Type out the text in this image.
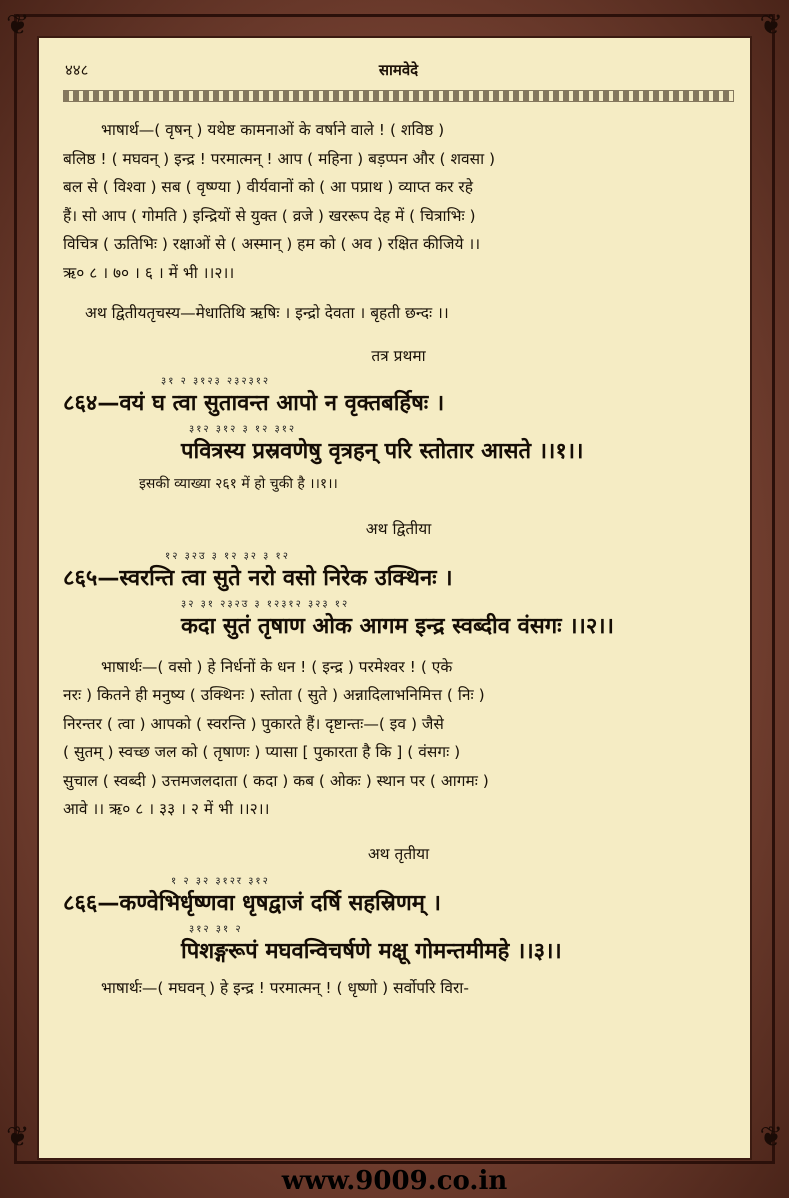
❦	❦
❦	❦
४४८	सामवेदे

भाषार्थ—( वृषन् ) यथेष्ट कामनाओं के वर्षाने वाले ! ( शविष्ठ )

बलिष्ठ ! ( मघवन् ) इन्द्र ! परमात्मन् ! आप ( महिना ) बड़प्पन और ( शवसा )

बल से ( विश्वा ) सब ( वृष्ण्या ) वीर्यवानों को ( आ पप्राथ ) व्याप्त कर रहे

हैं। सो आप ( गोमति ) इन्द्रियों से युक्त ( व्रजे ) खररूप देह में ( चित्राभिः )

विचित्र ( ऊतिभिः ) रक्षाओं से ( अस्मान् ) हम को ( अव ) रक्षित कीजिये ।।

ऋ० ८ । ७० । ६ । में भी ।।२।।

अथ द्वितीयतृचस्य—मेधातिथि ऋषिः । इन्द्रो देवता । बृहती छन्दः ।।

तत्र प्रथमा

३१ २ ३१२३ २३२३१२

८६४—वयं घ त्वा सुतावन्त आपो न वृक्तबर्हिषः ।

३१२ ३१२ ३ १२ ३१२

पवित्रस्य प्रस्रवणेषु वृत्रहन् परि स्तोतार आसते ।।१।।

इसकी व्याख्या २६१ में हो चुकी है ।।१।।

अथ द्वितीया

१२ ३२उ ३ १२ ३२ ३ १२

८६५—स्वरन्ति त्वा सुते नरो वसो निरेक उक्थिनः ।

३२ ३१ २३२उ ३ १२३१२ ३२३ १२

कदा सुतं तृषाण ओक आगम इन्द्र स्वब्दीव वंसगः ।।२।।

भाषार्थः—( वसो ) हे निर्धनों के धन ! ( इन्द्र ) परमेश्वर ! ( एके

नरः ) कितने ही मनुष्य ( उक्थिनः ) स्तोता ( सुते ) अन्नादिलाभनिमित्त ( निः )

निरन्तर ( त्वा ) आपको ( स्वरन्ति ) पुकारते हैं। दृष्टान्तः—( इव ) जैसे

( सुतम् ) स्वच्छ जल को ( तृषाणः ) प्यासा [ पुकारता है कि ] ( वंसगः )

सुचाल ( स्वब्दी ) उत्तमजलदाता ( कदा ) कब ( ओकः ) स्थान पर ( आगमः )

आवे ।। ऋ० ८ । ३३ । २ में भी ।।२।।

अथ तृतीया

१ २ ३२ ३१२र ३१२

८६६—कण्वेभिर्धृष्णवा धृषद्वाजं दर्षि सहस्रिणम् ।

३१२ ३१ २

पिशङ्गरूपं मघवन्विचर्षणे मक्षू गोमन्तमीमहे ।।३।।

भाषार्थः—( मघवन् ) हे इन्द्र ! परमात्मन् ! ( धृष्णो ) सर्वोपरि विरा-

www.9009.co.in
